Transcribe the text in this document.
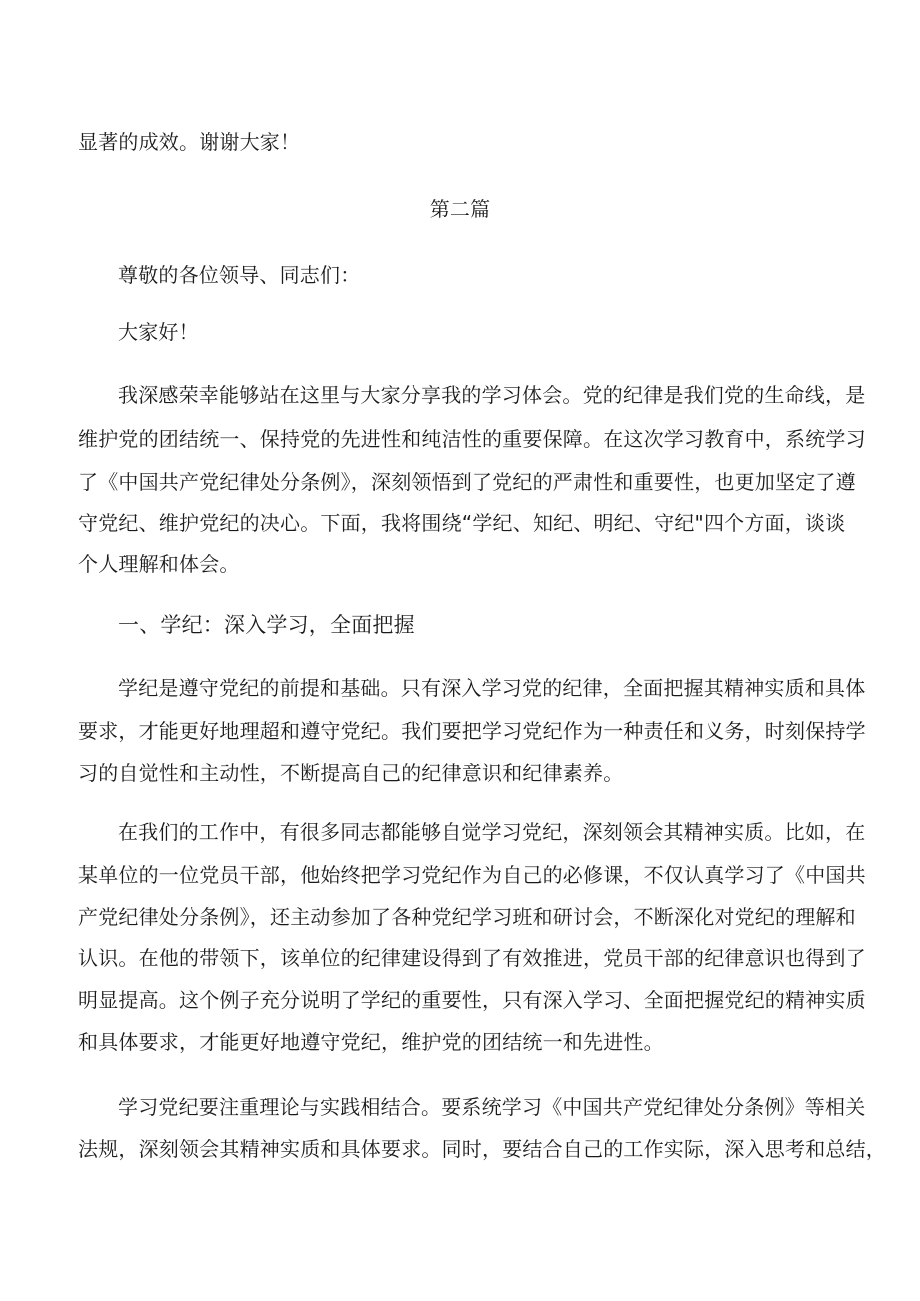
显著的成效。谢谢大家！
第二篇
尊敬的各位领导、同志们：
大家好！
我深感荣幸能够站在这里与大家分享我的学习体会。党的纪律是我们党的生命线，是
维护党的团结统一、保持党的先进性和纯洁性的重要保障。在这次学习教育中，系统学习
了《中国共产党纪律处分条例》，深刻领悟到了党纪的严肃性和重要性，也更加坚定了遵
守党纪、维护党纪的决心。下面，我将围绕“学纪、知纪、明纪、守纪"四个方面，谈谈
个人理解和体会。
一、学纪：深入学习，全面把握
学纪是遵守党纪的前提和基础。只有深入学习党的纪律，全面把握其精神实质和具体
要求，才能更好地理超和遵守党纪。我们要把学习党纪作为一种责任和义务，时刻保持学
习的自觉性和主动性，不断提高自己的纪律意识和纪律素养。
在我们的工作中，有很多同志都能够自觉学习党纪，深刻领会其精神实质。比如，在
某单位的一位党员干部，他始终把学习党纪作为自己的必修课，不仅认真学习了《中国共
产党纪律处分条例》，还主动参加了各种党纪学习班和研讨会，不断深化对党纪的理解和
认识。在他的带领下，该单位的纪律建设得到了有效推进，党员干部的纪律意识也得到了
明显提高。这个例子充分说明了学纪的重要性，只有深入学习、全面把握党纪的精神实质
和具体要求，才能更好地遵守党纪，维护党的团结统一和先进性。
学习党纪要注重理论与实践相结合。要系统学习《中国共产党纪律处分条例》等相关
法规，深刻领会其精神实质和具体要求。同时，要结合自己的工作实际，深入思考和总结，
